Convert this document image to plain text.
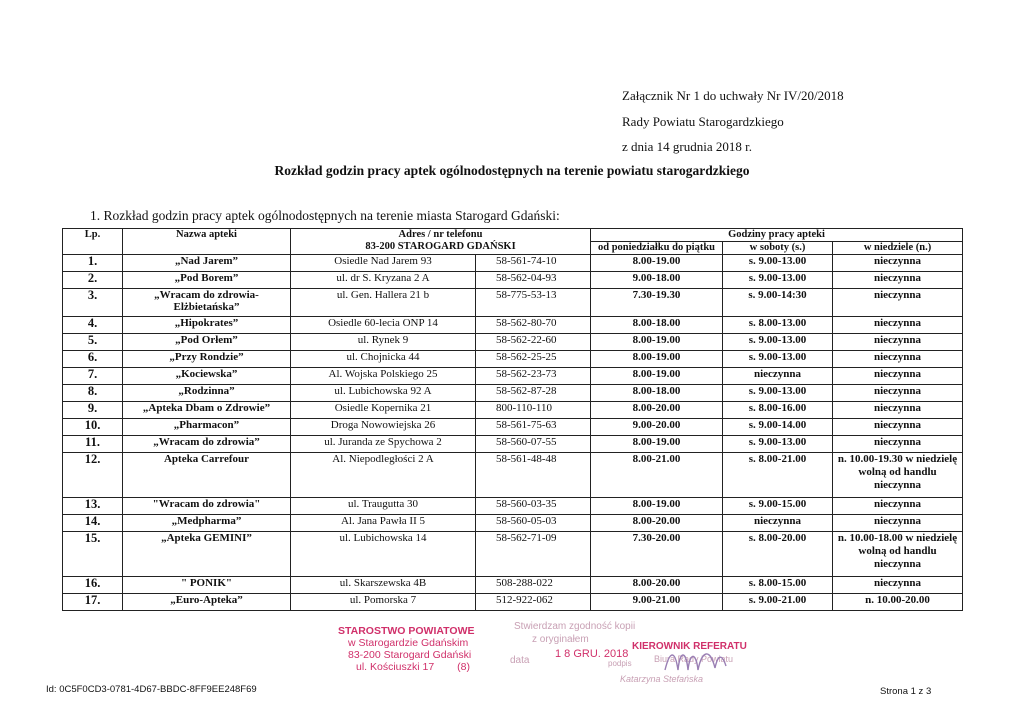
Załącznik Nr 1 do uchwały Nr IV/20/2018
Rady Powiatu Starogardzkiego
z dnia 14 grudnia 2018 r.
Rozkład godzin pracy aptek ogólnodostępnych na terenie powiatu starogardzkiego
1. Rozkład godzin pracy aptek ogólnodostępnych na terenie miasta Starogard Gdański:
Lp.	Nazwa apteki	Adres / nr telefonu
83-200 STAROGARD GDAŃSKI		Godziny pracy apteki		
				od poniedziałku do piątku	w soboty (s.)	w niedziele (n.)

1.	„Nad Jarem”	Osiedle Nad Jarem 93	58-561-74-10	8.00-19.00	s. 9.00-13.00	nieczynna
2.	„Pod Borem”	ul. dr S. Kryzana 2 A	58-562-04-93	9.00-18.00	s. 9.00-13.00	nieczynna
3.	„Wracam do zdrowia-Elżbietańska”	ul. Gen. Hallera 21 b	58-775-53-13	7.30-19.30	s. 9.00-14:30	nieczynna
4.	„Hipokrates”	Osiedle 60-lecia ONP 14	58-562-80-70	8.00-18.00	s. 8.00-13.00	nieczynna
5.	„Pod Orłem”	ul. Rynek 9	58-562-22-60	8.00-19.00	s. 9.00-13.00	nieczynna
6.	„Przy Rondzie”	ul. Chojnicka 44	58-562-25-25	8.00-19.00	s. 9.00-13.00	nieczynna
7.	„Kociewska”	Al. Wojska Polskiego 25	58-562-23-73	8.00-19.00	nieczynna	nieczynna
8.	„Rodzinna”	ul. Lubichowska 92 A	58-562-87-28	8.00-18.00	s. 9.00-13.00	nieczynna
9.	„Apteka Dbam o Zdrowie”	Osiedle Kopernika 21	800-110-110	8.00-20.00	s. 8.00-16.00	nieczynna
10.	„Pharmacon”	Droga Nowowiejska 26	58-561-75-63	9.00-20.00	s. 9.00-14.00	nieczynna
11.	„Wracam do zdrowia”	ul. Juranda ze Spychowa 2	58-560-07-55	8.00-19.00	s. 9.00-13.00	nieczynna
12.	Apteka Carrefour	Al. Niepodległości 2 A	58-561-48-48	8.00-21.00	s. 8.00-21.00	n. 10.00-19.30 w niedzielę wolną od handlu nieczynna
13.	"Wracam do zdrowia"	ul. Traugutta 30	58-560-03-35	8.00-19.00	s. 9.00-15.00	nieczynna
14.	„Medpharma”	Al. Jana Pawła II 5	58-560-05-03	8.00-20.00	nieczynna	nieczynna
15.	„Apteka GEMINI”	ul. Lubichowska 14	58-562-71-09	7.30-20.00	s. 8.00-20.00	n. 10.00-18.00 w niedzielę wolną od handlu nieczynna
16.	" PONIK"	ul. Skarszewska 4B	508-288-022	8.00-20.00	s. 8.00-15.00	nieczynna
17.	„Euro-Apteka”	ul. Pomorska 7	512-922-062	9.00-21.00	s. 9.00-21.00	n. 10.00-20.00
STAROSTWO POWIATOWE
w Starogardzie Gdańskim
83-200 Starogard Gdański
ul. Kościuszki 17 (8)
Stwierdzam zgodność kopii
z oryginałem
data
1 8 GRU. 2018
podpis
KIEROWNIK REFERATU
Biura Rady Powiatu
Katarzyna Stefańska
Id: 0C5F0CD3-0781-4D67-BBDC-8FF9EE248F69	Strona 1 z 3
